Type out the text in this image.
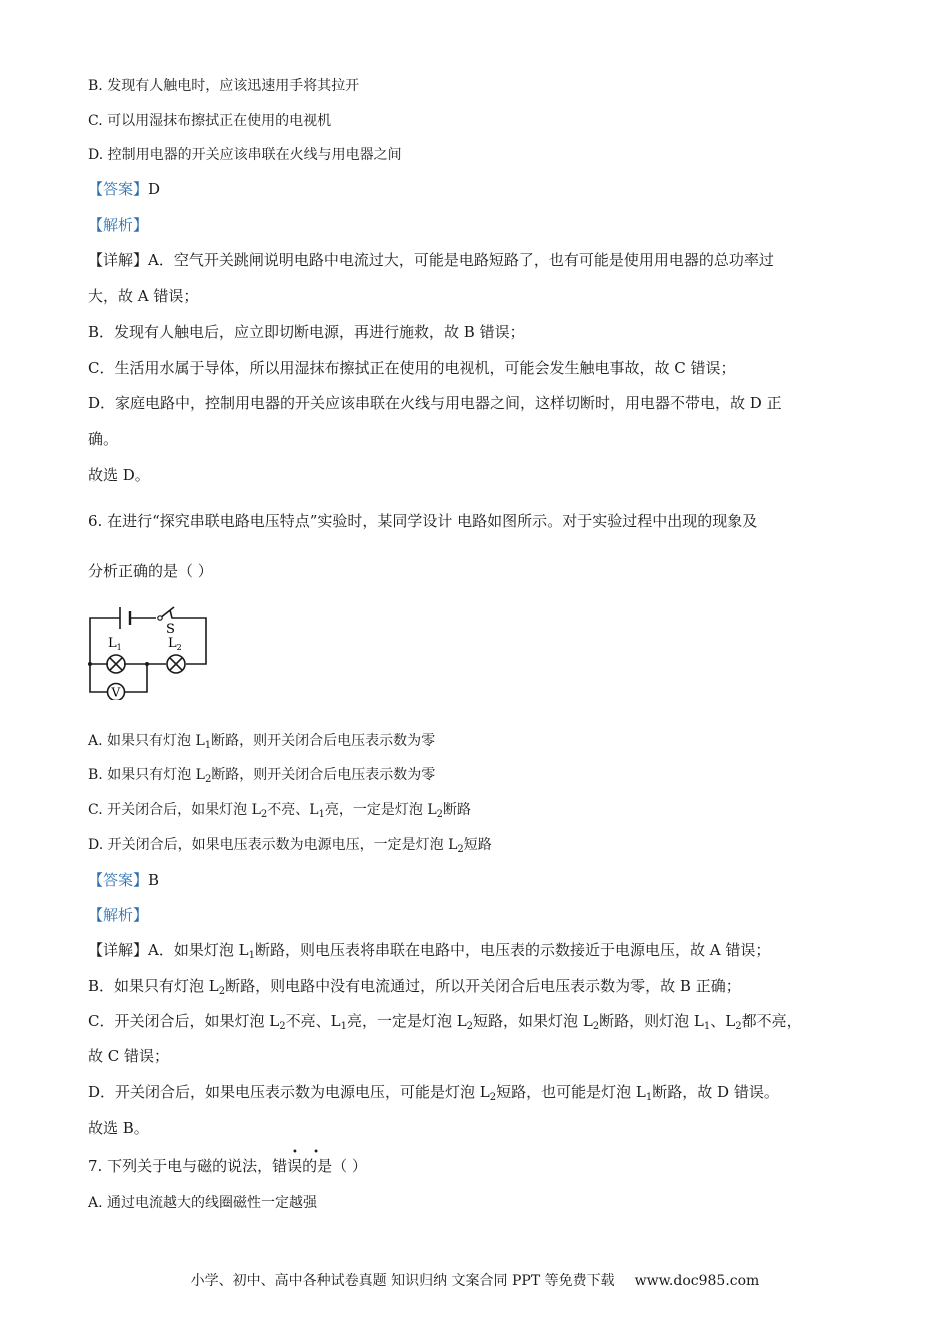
B. 发现有人触电时，应该迅速用手将其拉开
C. 可以用湿抹布擦拭正在使用的电视机
D. 控制用电器的开关应该串联在火线与用电器之间
【答案】D
【解析】
【详解】A．空气开关跳闸说明电路中电流过大，可能是电路短路了，也有可能是使用用电器的总功率过
大，故 A 错误；
B．发现有人触电后，应立即切断电源，再进行施救，故 B 错误；
C．生活用水属于导体，所以用湿抹布擦拭正在使用的电视机，可能会发生触电事故，故 C 错误；
D．家庭电路中，控制用电器的开关应该串联在火线与用电器之间，这样切断时，用电器不带电，故 D 正
确。
故选 D。
6. 在进行“探究串联电路电压特点”实验时，某同学设计 电路如图所示。对于实验过程中出现的现象及
分析正确的是（ ）
S
$L_1$	$L_2$
V
A. 如果只有灯泡 $L_1$断路，则开关闭合后电压表示数为零
B. 如果只有灯泡 $L_2$断路，则开关闭合后电压表示数为零
C. 开关闭合后，如果灯泡 $L_2$不亮、$L_1$亮，一定是灯泡 $L_2$断路
D. 开关闭合后，如果电压表示数为电源电压，一定是灯泡 $L_2$短路
【答案】B
【解析】
【详解】A．如果灯泡 $L_1$断路，则电压表将串联在电路中，电压表的示数接近于电源电压，故 A 错误；
B．如果只有灯泡 $L_2$断路，则电路中没有电流通过，所以开关闭合后电压表示数为零，故 B 正确；
C．开关闭合后，如果灯泡 $L_2$不亮、$L_1$亮，一定是灯泡 $L_2$短路，如果灯泡 $L_2$断路，则灯泡 $L_1$、$L_2$都不亮，
故 C 错误；
D．开关闭合后，如果电压表示数为电源电压，可能是灯泡 $L_2$短路，也可能是灯泡 $L_1$断路，故 D 错误。
故选 B。
• •
7. 下列关于电与磁的说法，错误的是（ ）
A. 通过电流越大的线圈磁性一定越强
小学、初中、高中各种试卷真题 知识归纳 文案合同 PPT 等免费下载 www.doc985.com
